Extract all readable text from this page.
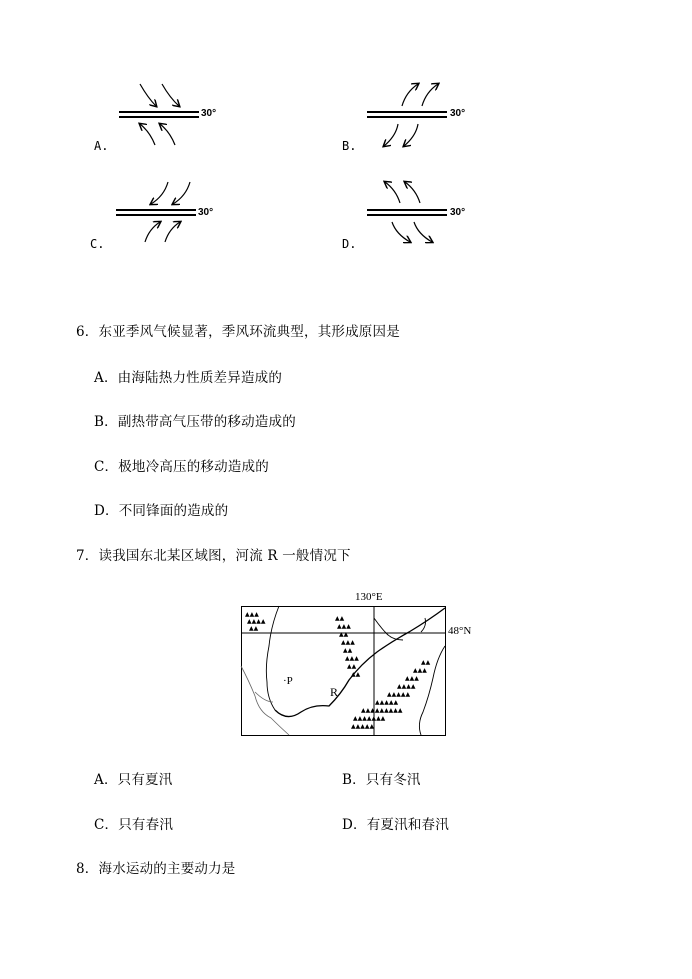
30°	30°
30°	30°
A.	B.
C.	D.
6．东亚季风气候显著，季风环流典型，其形成原因是
A．由海陆热力性质差异造成的
B．副热带高气压带的移动造成的
C．极地冷高压的移动造成的
D．不同锋面的造成的
7．读我国东北某区域图，河流 R 一般情况下
▲▲▲
▲▲▲▲
▲▲
▲▲
▲▲▲
▲▲
▲▲▲
▲▲
▲▲▲
▲▲
▲▲
▲▲
▲▲▲
▲▲▲
▲▲▲▲
▲▲▲▲▲
▲▲▲▲▲
▲▲▲▲▲▲▲▲▲
▲▲▲▲▲▲▲
▲▲▲▲▲
130°E
48°N
·P
R
A．只有夏汛	B．只有冬汛
C．只有春汛	D．有夏汛和春汛
8．海水运动的主要动力是
